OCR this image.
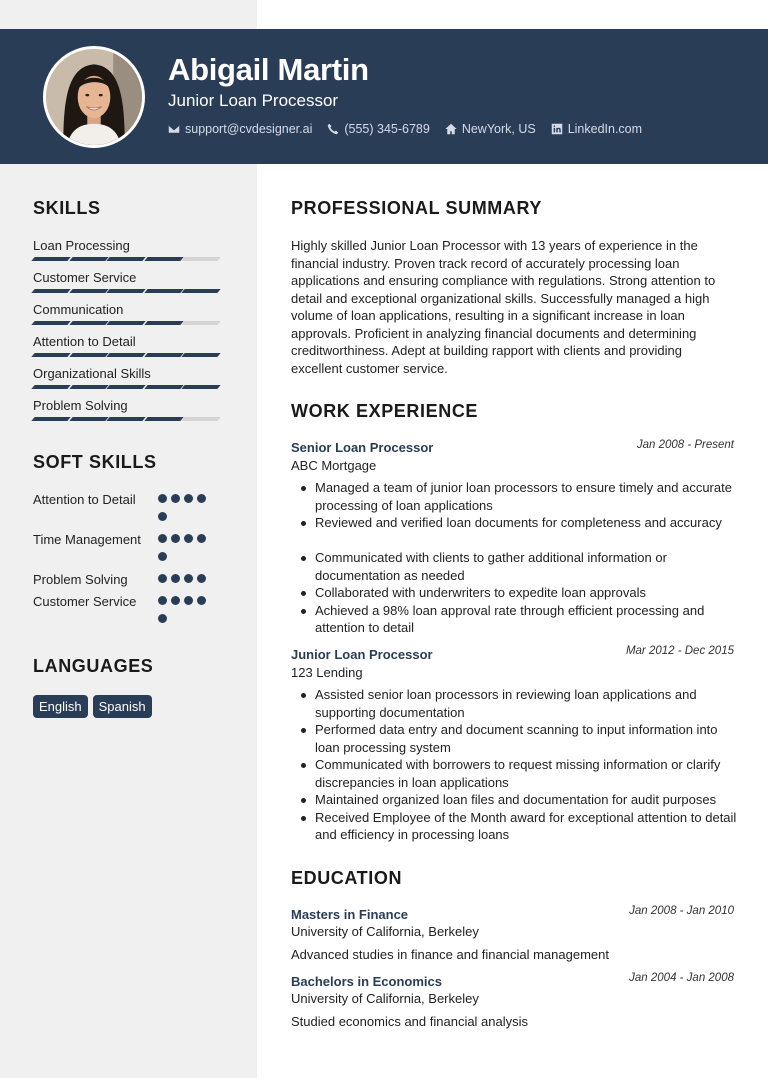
Abigail Martin
Junior Loan Processor
support@cvdesigner.ai	(555) 345-6789	NewYork, US	LinkedIn.com
SKILLS
Loan Processing
Customer Service
Communication
Attention to Detail
Organizational Skills
Problem Solving
SOFT SKILLS
Attention to Detail
Time Management
Problem Solving
Customer Service
LANGUAGES
English	Spanish
PROFESSIONAL SUMMARY
Highly skilled Junior Loan Processor with 13 years of experience in the financial industry. Proven track record of accurately processing loan applications and ensuring compliance with regulations. Strong attention to detail and exceptional organizational skills. Successfully managed a high volume of loan applications, resulting in a significant increase in loan approvals. Proficient in analyzing financial documents and determining creditworthiness. Adept at building rapport with clients and providing excellent customer service.
WORK EXPERIENCE
Senior Loan Processor	Jan 2008 - Present
ABC Mortgage
Managed a team of junior loan processors to ensure timely and accurate processing of loan applications
Reviewed and verified loan documents for completeness and accuracy
Communicated with clients to gather additional information or documentation as needed
Collaborated with underwriters to expedite loan approvals
Achieved a 98% loan approval rate through efficient processing and attention to detail
Junior Loan Processor	Mar 2012 - Dec 2015
123 Lending
Assisted senior loan processors in reviewing loan applications and supporting documentation
Performed data entry and document scanning to input information into loan processing system
Communicated with borrowers to request missing information or clarify discrepancies in loan applications
Maintained organized loan files and documentation for audit purposes
Received Employee of the Month award for exceptional attention to detail and efficiency in processing loans
EDUCATION
Masters in Finance	Jan 2008 - Jan 2010
University of California, Berkeley
Advanced studies in finance and financial management
Bachelors in Economics	Jan 2004 - Jan 2008
University of California, Berkeley
Studied economics and financial analysis
